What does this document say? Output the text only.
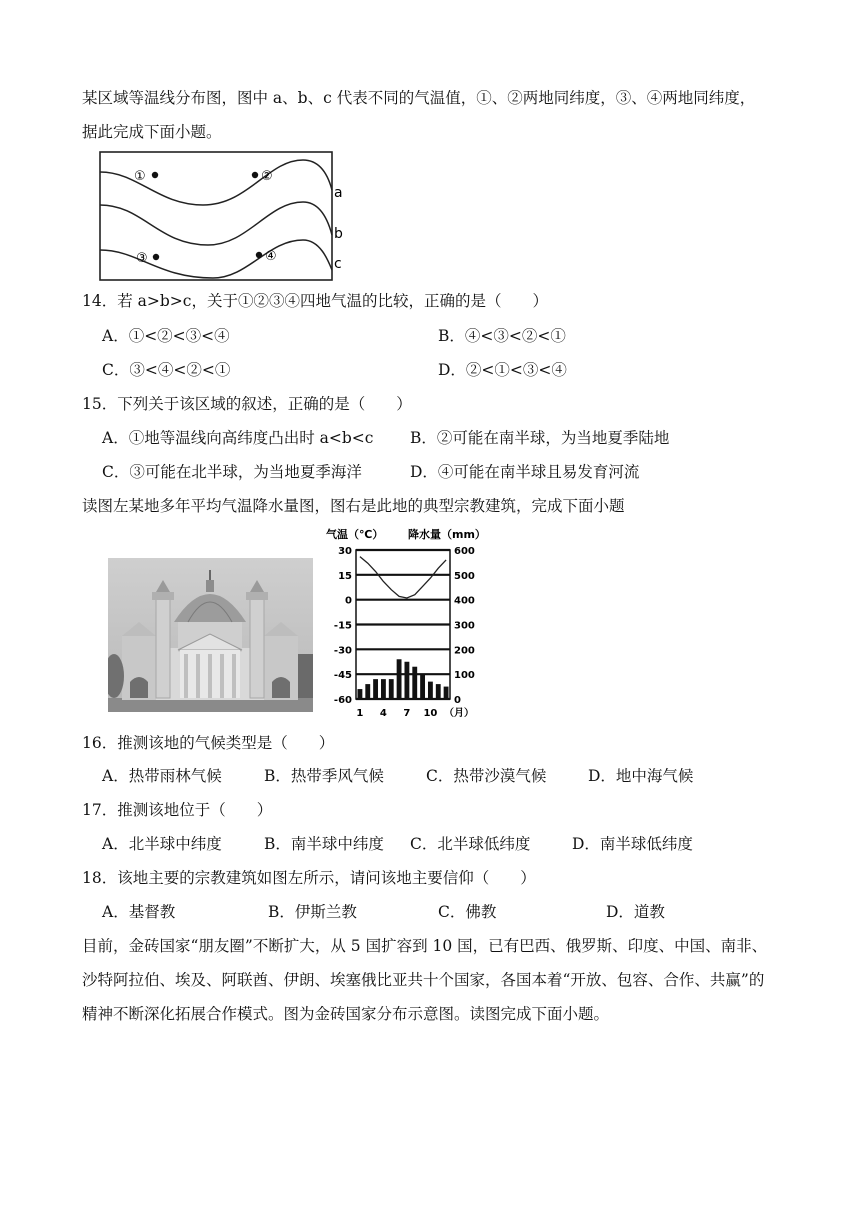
某区域等温线分布图，图中 a、b、c 代表不同的气温值，①、②两地同纬度，③、④两地同纬度，
据此完成下面小题。
①	②
③	④
a
b
c
14．若 a>b>c，关于①②③④四地气温的比较，正确的是（　　）
A．①<②<③<④	B．④<③<②<①
C．③<④<②<①	D．②<①<③<④
15．下列关于该区域的叙述，正确的是（　　）
A．①地等温线向高纬度凸出时 a<b<c B．②可能在南半球，为当地夏季陆地
C．③可能在北半球，为当地夏季海洋	D．④可能在南半球且易发育河流
读图左某地多年平均气温降水量图，图右是此地的典型宗教建筑，完成下面小题
气温（℃） 降水量（mm）
30
15
0
-15
-30
-45
-60
600
500
400
300
200
100
0
1 4 7 10 （月）
16．推测该地的气候类型是（　　）
A．热带雨林气候	B．热带季风气候	C．热带沙漠气候	D．地中海气候
17．推测该地位于（　　）
A．北半球中纬度	B．南半球中纬度 C．北半球低纬度	D．南半球低纬度
18．该地主要的宗教建筑如图左所示，请问该地主要信仰（　　）
A．基督教	B．伊斯兰教	C．佛教	D．道教
目前，金砖国家“朋友圈”不断扩大，从 5 国扩容到 10 国，已有巴西、俄罗斯、印度、中国、南非、
沙特阿拉伯、埃及、阿联酋、伊朗、埃塞俄比亚共十个国家，各国本着“开放、包容、合作、共赢”的
精神不断深化拓展合作模式。图为金砖国家分布示意图。读图完成下面小题。
